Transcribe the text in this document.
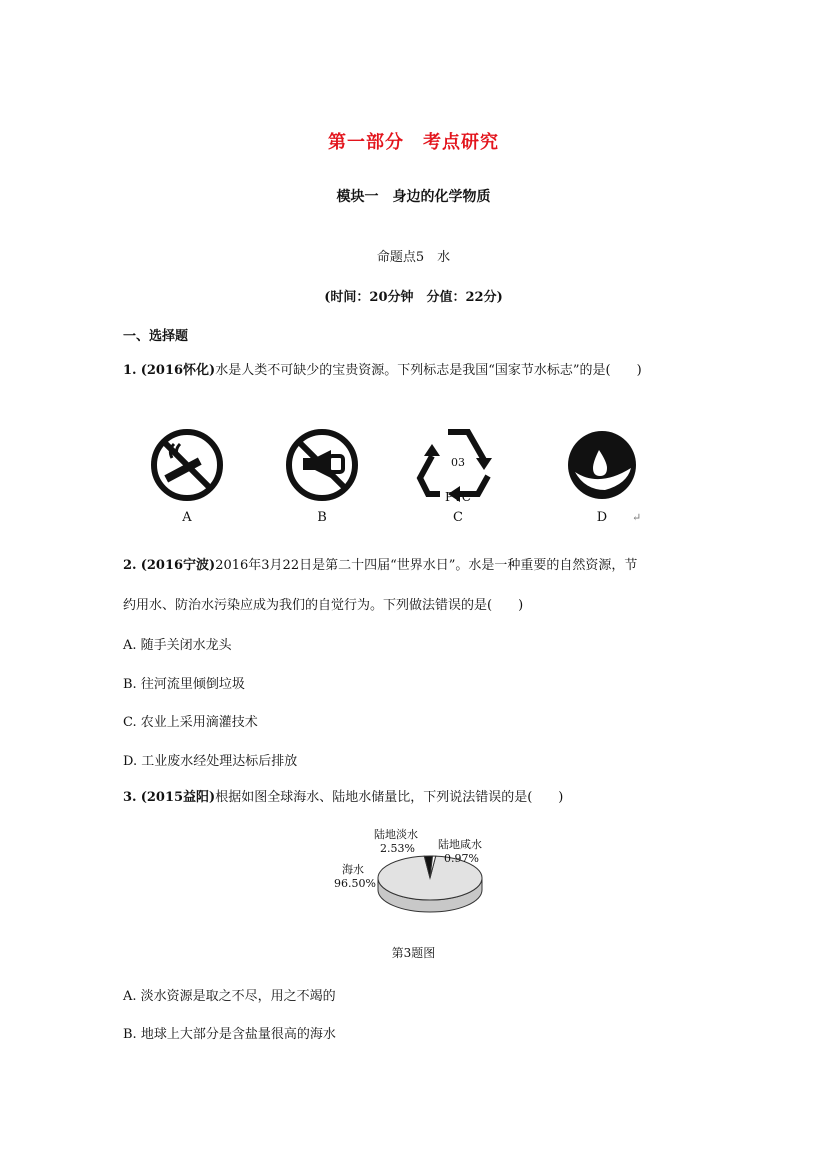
第一部分　考点研究
模块一　身边的化学物质
命题点5　水
(时间：20分钟　分值：22分)
一、选择题
1. (2016怀化)水是人类不可缺少的宝贵资源。下列标志是我国“国家节水标志”的是(　　)
A	B
03
PVC
C	D	↵
2. (2016宁波)2016年3月22日是第二十四届“世界水日”。水是一种重要的自然资源，节
约用水、防治水污染应成为我们的自觉行为。下列做法错误的是(　　)
A. 随手关闭水龙头
B. 往河流里倾倒垃圾
C. 农业上采用滴灌技术
D. 工业废水经处理达标后排放
3. (2015益阳)根据如图全球海水、陆地水储量比，下列说法错误的是(　　)
海水
96.50%
陆地淡水
2.53% 陆地咸水
0.97%
第3题图
A. 淡水资源是取之不尽，用之不竭的
B. 地球上大部分是含盐量很高的海水
